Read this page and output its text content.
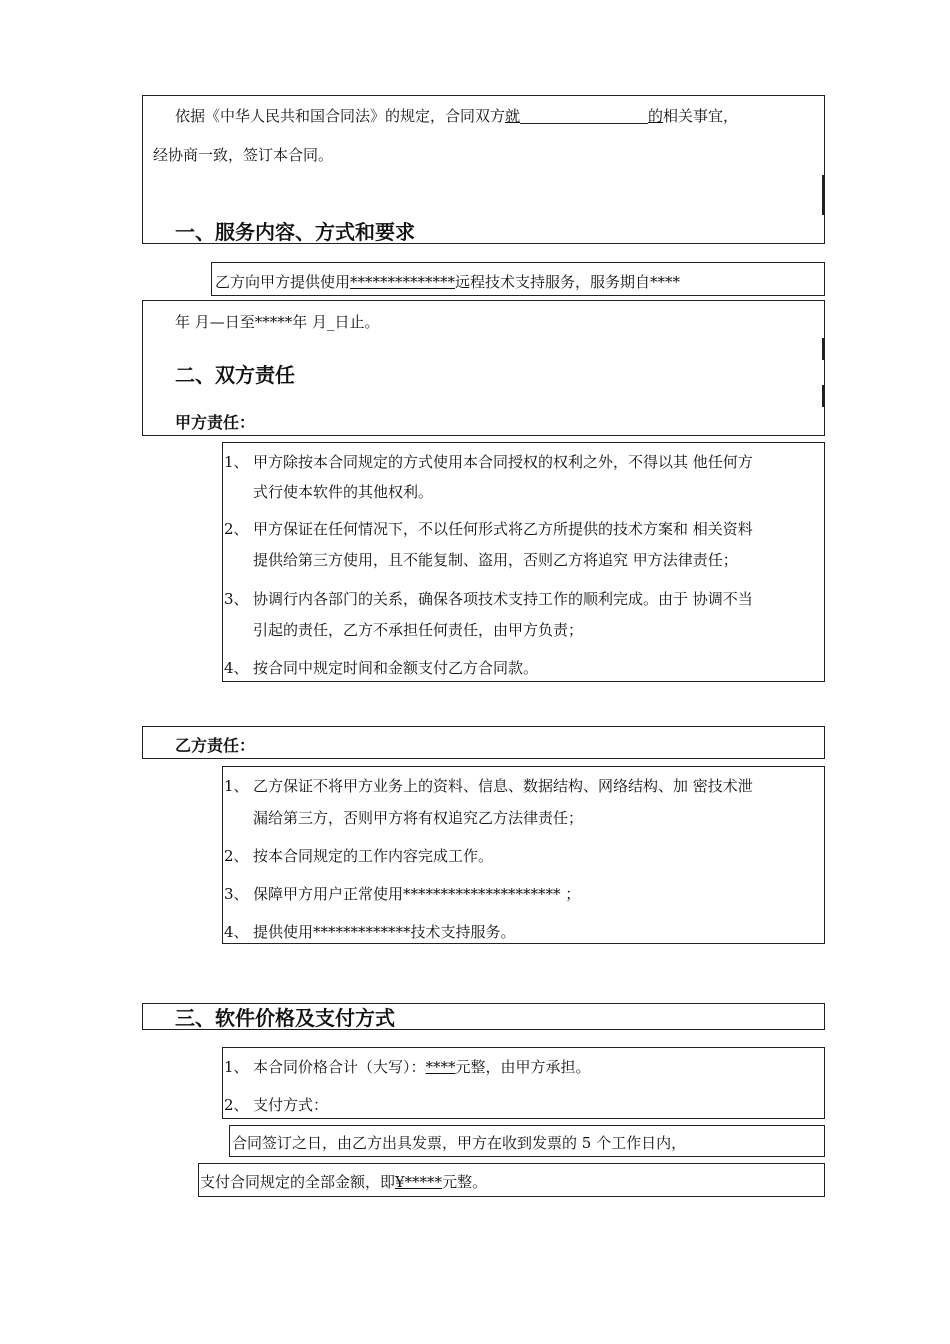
依据《中华人民共和国合同法》的规定，合同双方就	的相关事宜，
经协商一致，签订本合同。
一、服务内容、方式和要求
乙方向甲方提供使用**************远程技术支持服务，服务期自****
年 月—日至*****年 月_日止。
二、双方责任
甲方责任：
1、 甲方除按本合同规定的方式使用本合同授权的权利之外，不得以其 他任何方
式行使本软件的其他权利。
2、 甲方保证在任何情况下，不以任何形式将乙方所提供的技术方案和 相关资料
提供给第三方使用，且不能复制、盗用，否则乙方将追究 甲方法律责任；
3、 协调行内各部门的关系，确保各项技术支持工作的顺利完成。由于 协调不当
引起的责任，乙方不承担任何责任，由甲方负责；
4、 按合同中规定时间和金额支付乙方合同款。
乙方责任：
1、 乙方保证不将甲方业务上的资料、信息、数据结构、网络结构、加 密技术泄
漏给第三方，否则甲方将有权追究乙方法律责任；
2、 按本合同规定的工作内容完成工作。
3、 保障甲方用户正常使用********************* ；
4、 提供使用*************技术支持服务。
三、软件价格及支付方式
1、 本合同价格合计（大写）：****元整，由甲方承担。
2、 支付方式：
合同签订之日，由乙方出具发票，甲方在收到发票的 5 个工作日内，
支付合同规定的全部金额，即¥*****元整。
